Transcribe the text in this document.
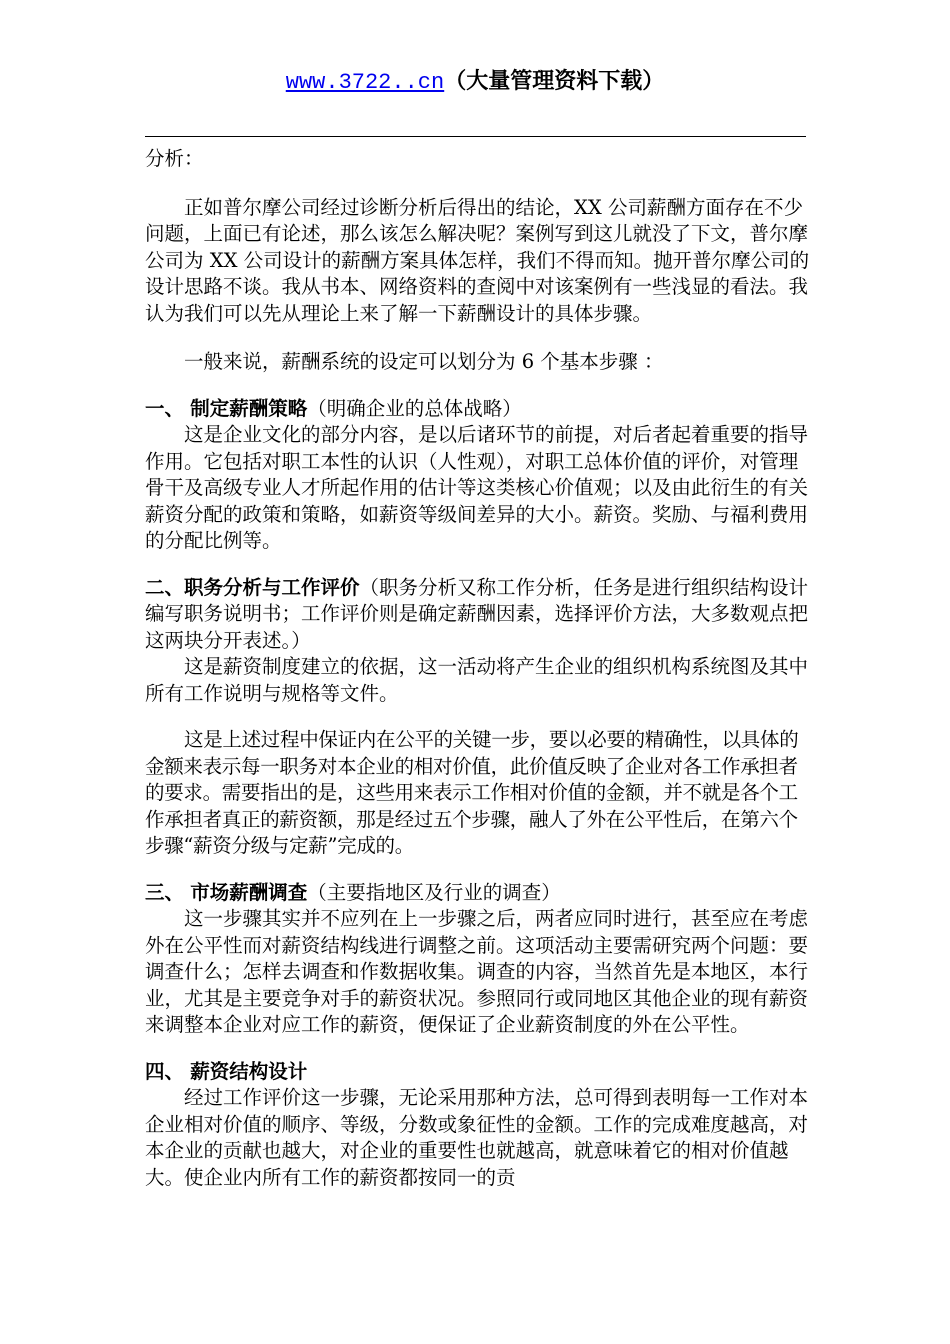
www.3722..cn（大量管理资料下载）

分析：

正如普尔摩公司经过诊断分析后得出的结论，XX 公司薪酬方面存在不少问题，上面已有论述，那么该怎么解决呢？案例写到这儿就没了下文，普尔摩公司为 XX 公司设计的薪酬方案具体怎样，我们不得而知。抛开普尔摩公司的设计思路不谈。我从书本、网络资料的查阅中对该案例有一些浅显的看法。我认为我们可以先从理论上来了解一下薪酬设计的具体步骤。

一般来说，薪酬系统的设定可以划分为 6 个基本步骤 ：

一、 制定薪酬策略（明确企业的总体战略）

这是企业文化的部分内容，是以后诸环节的前提，对后者起着重要的指导作用。它包括对职工本性的认识（人性观），对职工总体价值的评价，对管理骨干及高级专业人才所起作用的估计等这类核心价值观；以及由此衍生的有关薪资分配的政策和策略，如薪资等级间差异的大小。薪资。奖励、与福利费用的分配比例等。

二、职务分析与工作评价（职务分析又称工作分析，任务是进行组织结构设计编写职务说明书；工作评价则是确定薪酬因素，选择评价方法，大多数观点把这两块分开表述。）

这是薪资制度建立的依据，这一活动将产生企业的组织机构系统图及其中所有工作说明与规格等文件。

这是上述过程中保证内在公平的关键一步，要以必要的精确性，以具体的金额来表示每一职务对本企业的相对价值，此价值反映了企业对各工作承担者的要求。需要指出的是，这些用来表示工作相对价值的金额，并不就是各个工作承担者真正的薪资额，那是经过五个步骤，融人了外在公平性后，在第六个步骤“薪资分级与定薪”完成的。

三、 市场薪酬调查（主要指地区及行业的调查）

这一步骤其实并不应列在上一步骤之后，两者应同时进行，甚至应在考虑外在公平性而对薪资结构线进行调整之前。这项活动主要需研究两个问题：要调查什么；怎样去调查和作数据收集。调查的内容，当然首先是本地区，本行业，尤其是主要竞争对手的薪资状况。参照同行或同地区其他企业的现有薪资来调整本企业对应工作的薪资，便保证了企业薪资制度的外在公平性。

四、 薪资结构设计

经过工作评价这一步骤，无论采用那种方法，总可得到表明每一工作对本企业相对价值的顺序、等级，分数或象征性的金额。工作的完成难度越高，对本企业的贡献也越大，对企业的重要性也就越高，就意味着它的相对价值越大。使企业内所有工作的薪资都按同一的贡
